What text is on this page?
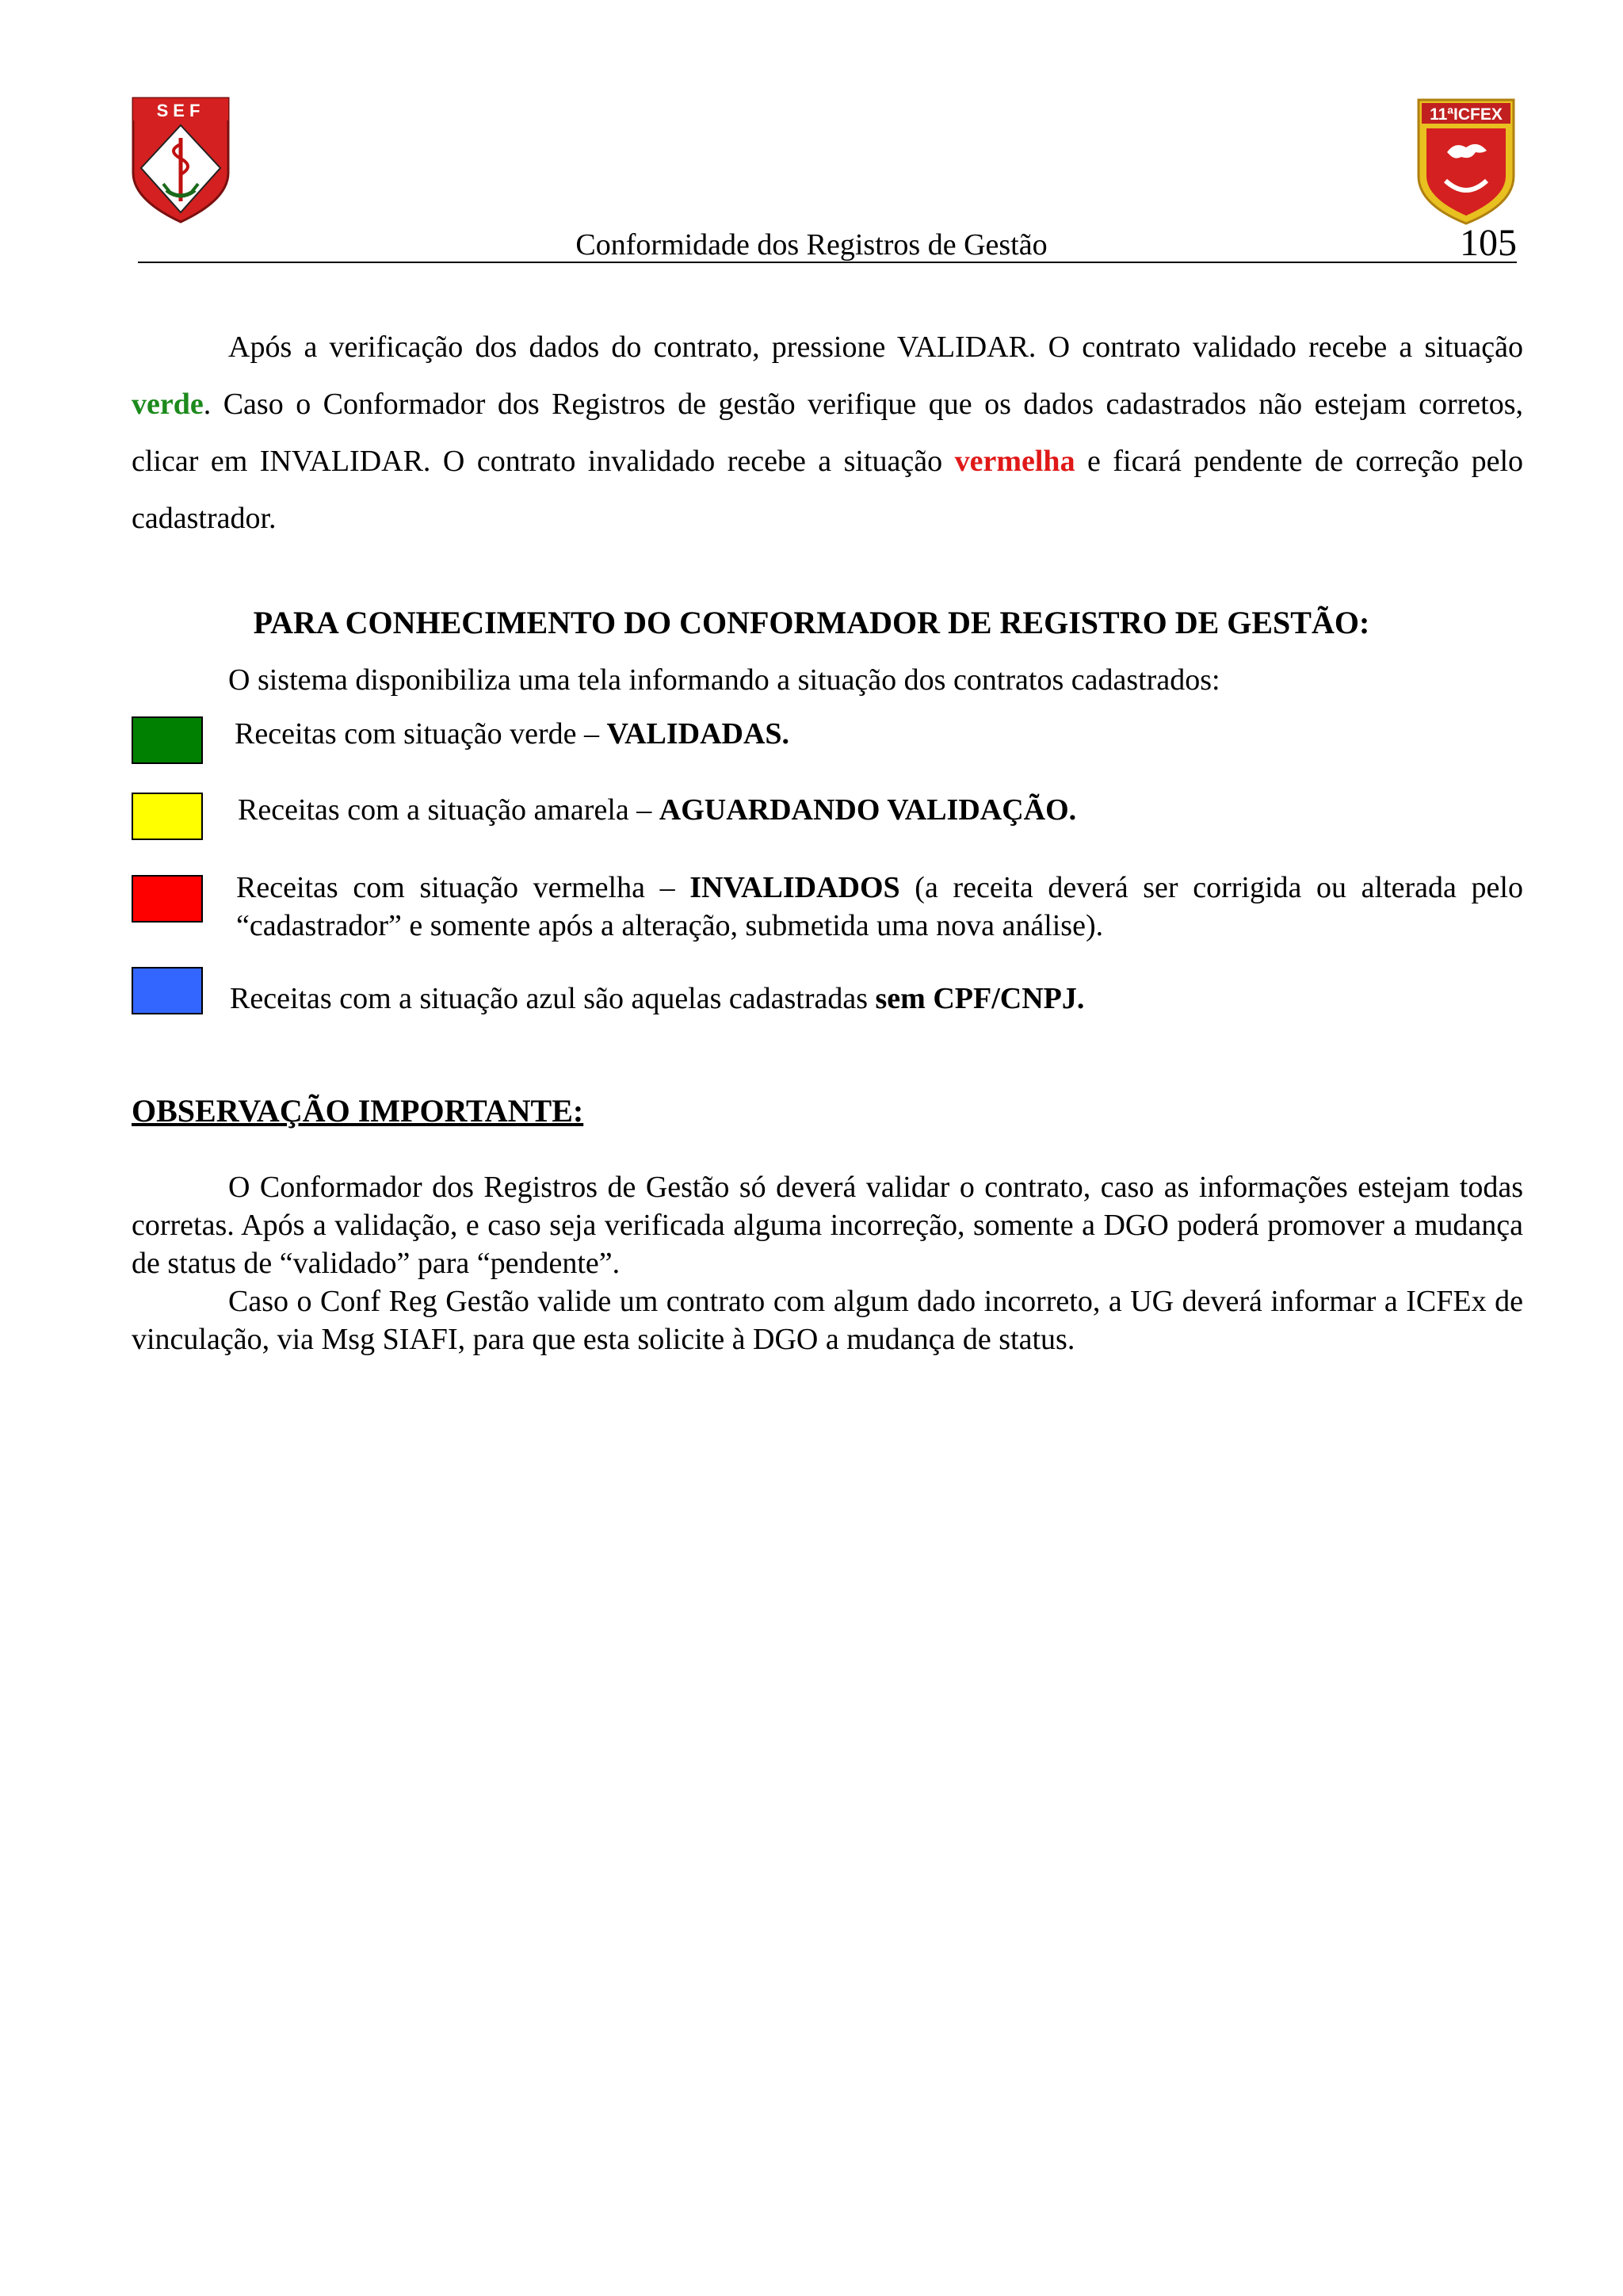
SEF	11ªICFEX
Conformidade dos Registros de Gestão	105

Após a verificação dos dados do contrato, pressione VALIDAR. O contrato validado recebe a situação verde. Caso o Conformador dos Registros de gestão verifique que os dados cadastrados não estejam corretos, clicar em INVALIDAR. O contrato invalidado recebe a situação vermelha e ficará pendente de correção pelo cadastrador.

PARA CONHECIMENTO DO CONFORMADOR DE REGISTRO DE GESTÃO:
O sistema disponibiliza uma tela informando a situação dos contratos cadastrados:
Receitas com situação verde – VALIDADAS.
Receitas com a situação amarela – AGUARDANDO VALIDAÇÃO.
Receitas com situação vermelha – INVALIDADOS (a receita deverá ser corrigida ou alterada pelo “cadastrador” e somente após a alteração, submetida uma nova análise).
Receitas com a situação azul são aquelas cadastradas sem CPF/CNPJ.
OBSERVAÇÃO IMPORTANTE:

O Conformador dos Registros de Gestão só deverá validar o contrato, caso as informações estejam todas corretas. Após a validação, e caso seja verificada alguma incorreção, somente a DGO poderá promover a mudança de status de “validado” para “pendente”.

Caso o Conf Reg Gestão valide um contrato com algum dado incorreto, a UG deverá informar a ICFEx de vinculação, via Msg SIAFI, para que esta solicite à DGO a mudança de status.
